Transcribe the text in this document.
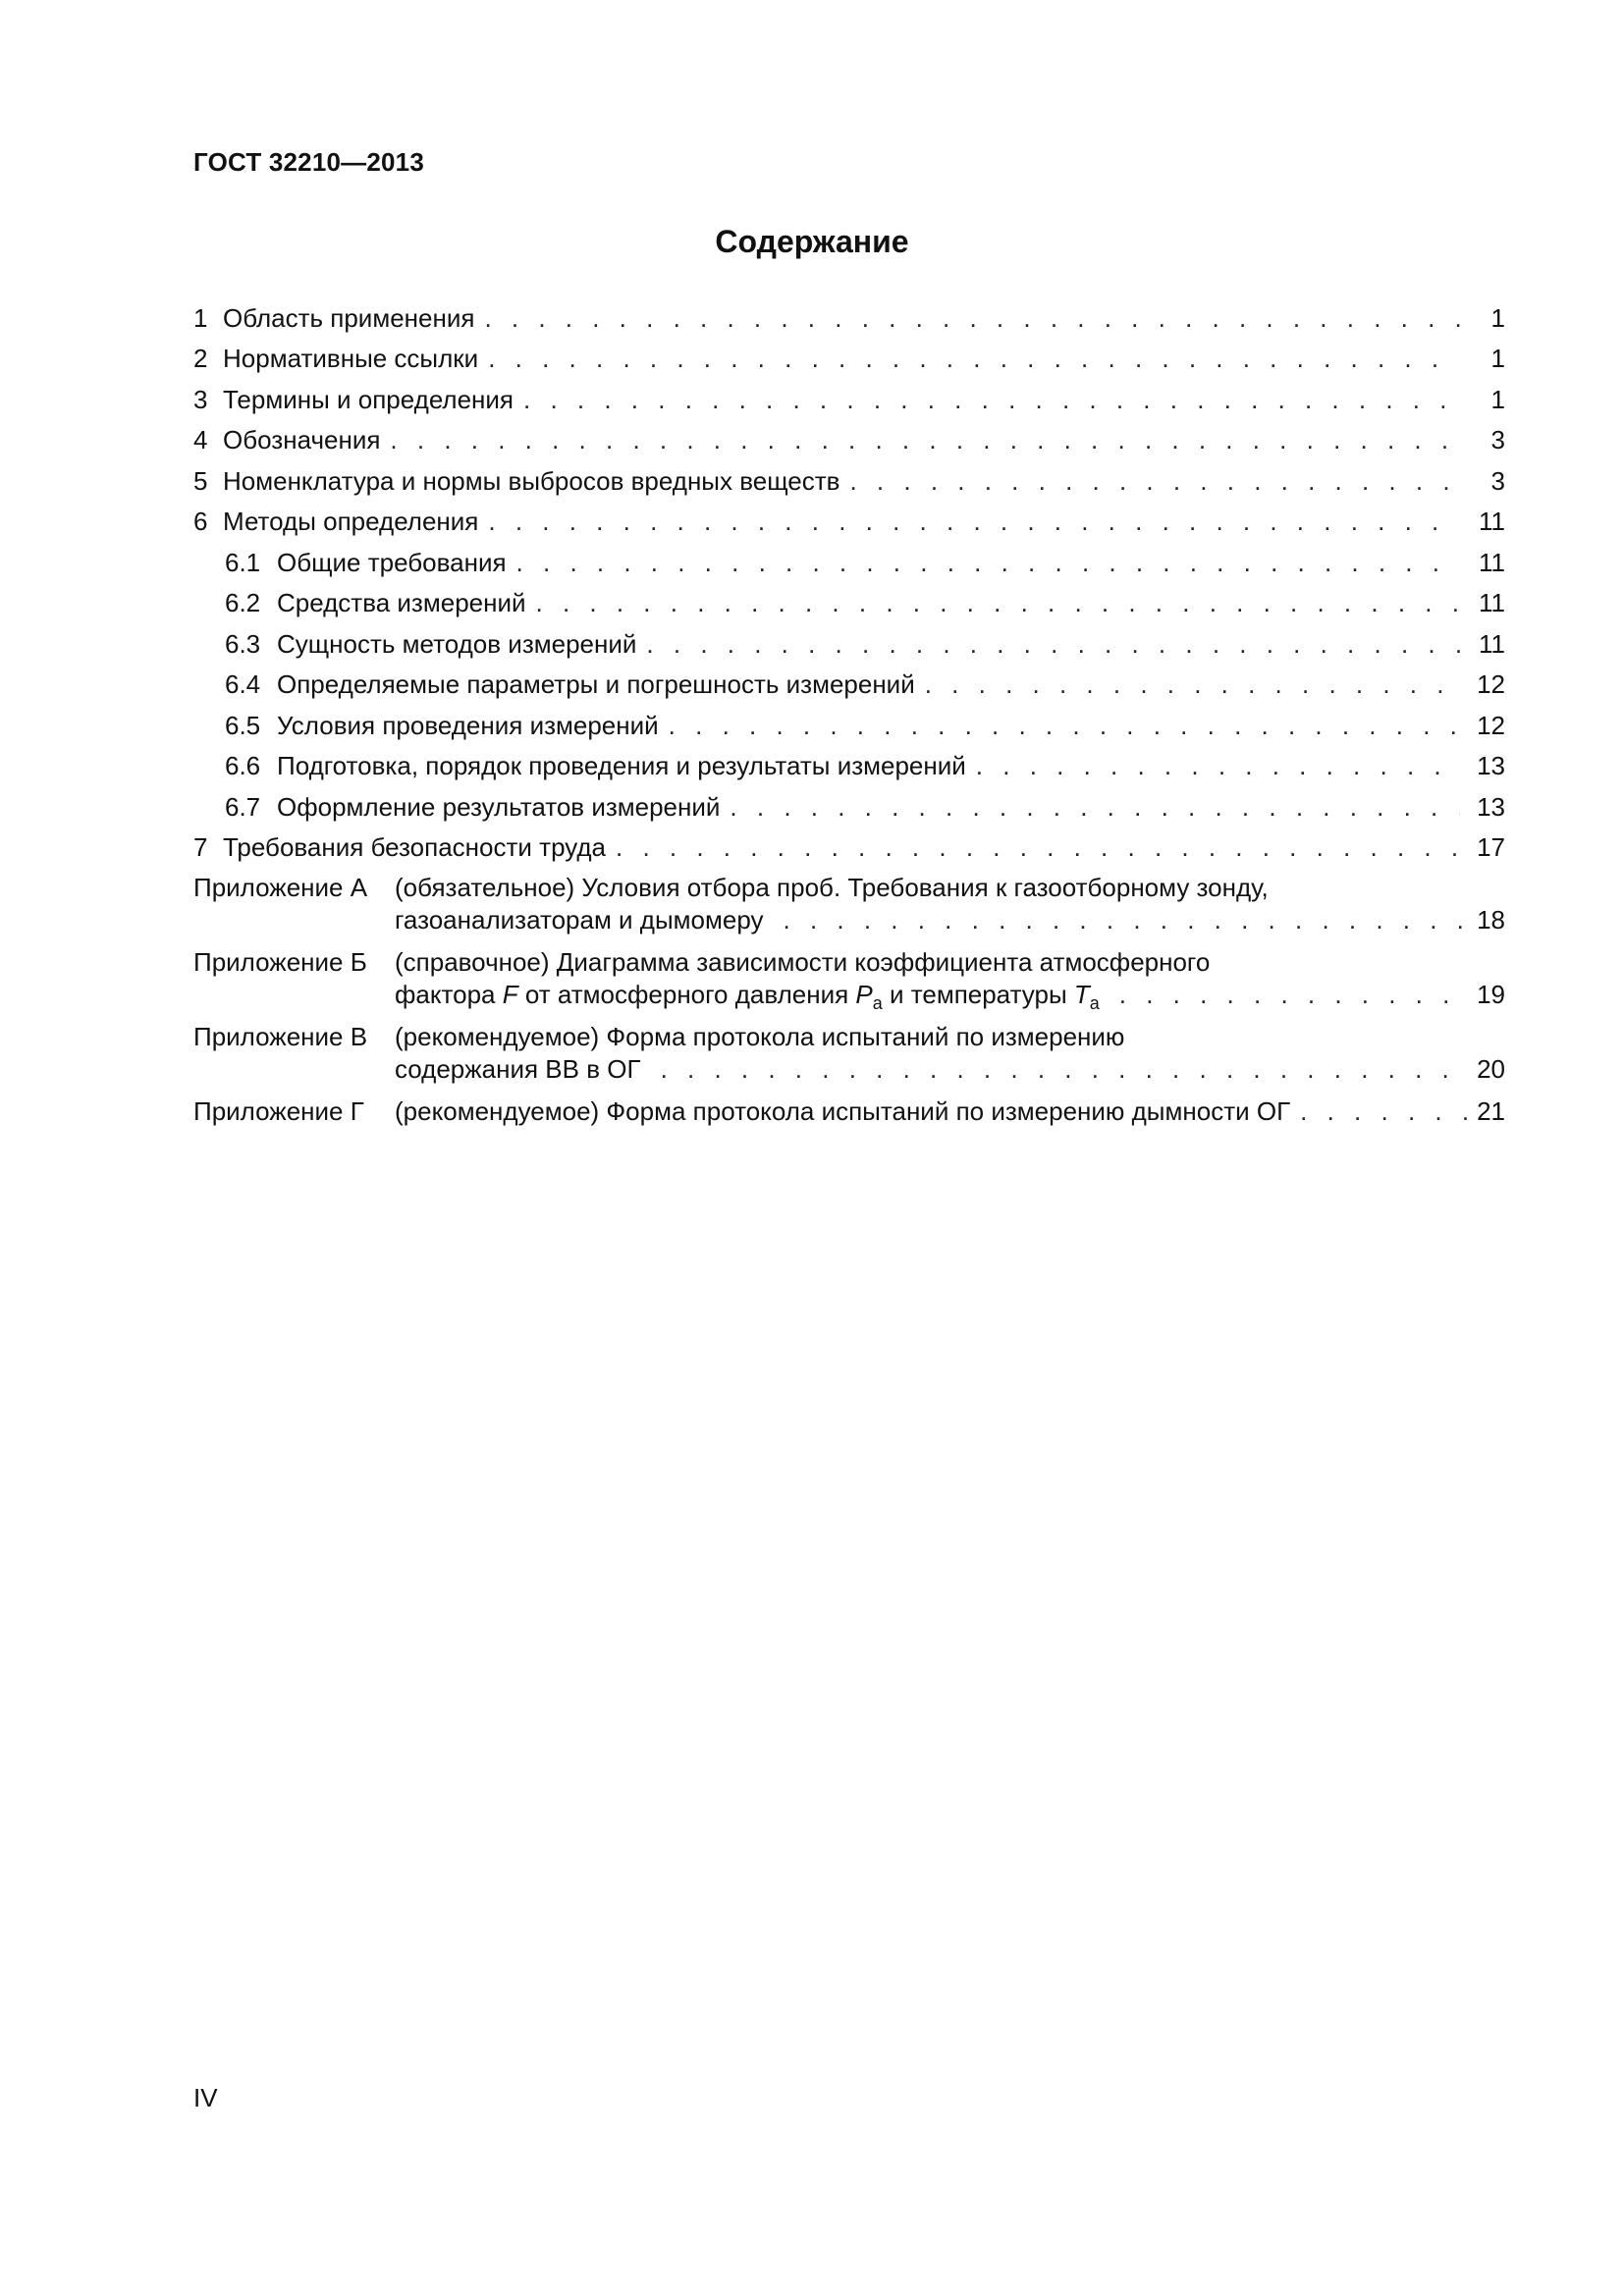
ГОСТ 32210—2013
Содержание
1 Область применения . . .	1
2 Нормативные ссылки . . .	1
3 Термины и определения . . .	1
4 Обозначения . . .	3
5 Номенклатура и нормы выбросов вредных веществ . . .	3
6 Методы определения . . .	11
6.1 Общие требования . . .	11
6.2 Средства измерений . . .	11
6.3 Сущность методов измерений . . .	11
6.4 Определяемые параметры и погрешность измерений . . .	12
6.5 Условия проведения измерений . . .	12
6.6 Подготовка, порядок проведения и результаты измерений . . .	13
6.7 Оформление результатов измерений . . .	13
7 Требования безопасности труда . . .	17
Приложение А	(обязательное) Условия отбора проб. Требования к газоотборному зонду,
газоанализаторам и дымомеру . . .	18
Приложение Б	(справочное) Диаграмма зависимости коэффициента атмосферного
фактора F от атмосферного давления $P_a$ и температуры $T_a$ . . .	19
Приложение В	(рекомендуемое) Форма протокола испытаний по измерению
содержания ВВ в ОГ . . .	20
Приложение Г	(рекомендуемое) Форма протокола испытаний по измерению дымности ОГ . . .	21
IV
